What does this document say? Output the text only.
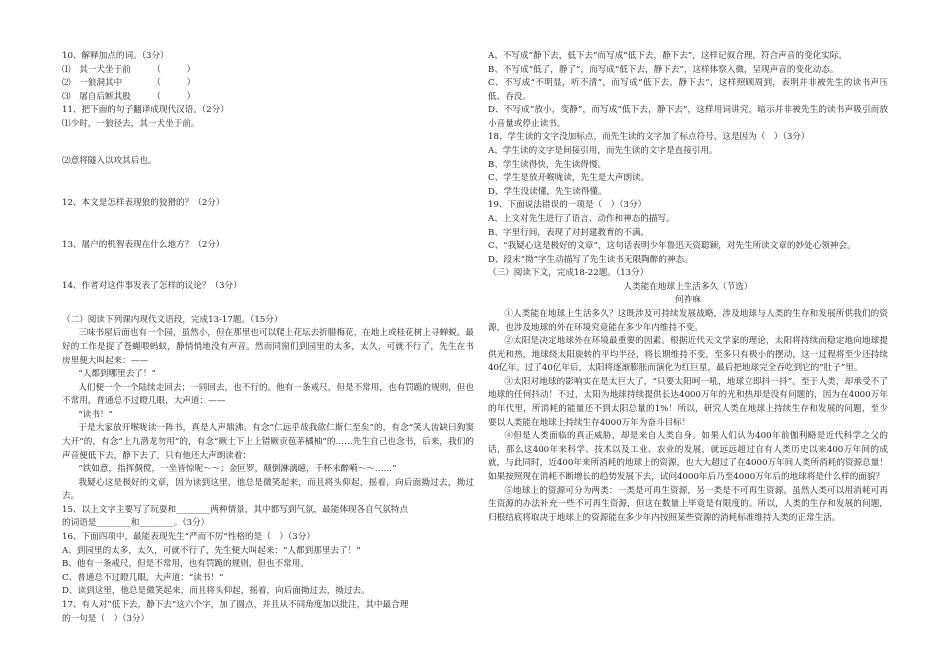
10、解释加点的词。（3分）
⑴　其一犬坐于前　　　（　　　）
⑵　一狼洞其中　　　　（　　　）
⑶　屠自后断其股　　　（　　　）
11、把下面的句子翻译成现代汉语。（2分）
⑴少时，一狼径去，其一犬坐于前。
⑵意将隧入以攻其后也。
12、本文是怎样表现狼的狡猾的？（2分）
13、屠户的机智表现在什么地方？（2分）
14、作者对这件事发表了怎样的议论？（3分）
（二）阅读下列课内现代文语段，完成13-17题。（15分）
三味书屋后面也有一个园，虽然小，但在那里也可以爬上花坛去折腊梅花，在地上或桂花树上寻蝉蜕。最好的工作是捉了苍蝇喂蚂蚁，静悄悄地没有声音。然而同窗们到园里的太多，太久，可就不行了，先生在书房里便大叫起来：——
“人都到哪里去了！”
人们便一个一个陆续走回去；一同回去，也不行的。他有一条戒尺，但是不常用，也有罚跪的规则，但也不常用，普通总不过瞪几眼，大声道：——
“读书！”
于是大家放开喉咙读一阵书，真是人声鼎沸。有念“仁远乎哉我欲仁斯仁至矣”的，有念“笑人齿缺曰狗窦大开”的，有念“上九潜龙勿用”的，有念“厥土下上上错厥贡苞茅橘柚”的……先生自己也念书，后来，我们的声音便低下去，静下去了，只有他还大声朗读着：
“铁如意，指挥倜傥，一坐皆惊呢～～；金叵罗，颠倒淋漓噫，千杯未醉嗬～～……”
我疑心这是极好的文章，因为读到这里，他总是微笑起来，而且将头仰起，摇着，向后面拗过去，拗过去。
15、以上文字主要写了玩耍和________两种情景，其中都写到气氛，最能体现各自气氛特点
的词语是________和________。（3分）
16、下面四项中，最能表现先生“严而不厉”性格的是（　）（3分）
A、到园里的太多，太久，可就不行了，先生便大叫起来：“人都到那里去了！”
B、他有一条戒尺，但是不常用，也有罚跪的规则，但也不常用。
C、普通总不过瞪几眼，大声道：“读书！”
D、读到这里，他总是微笑起来，而且将头仰起，摇着，向后面拗过去，拗过去。
17、有人对“低下去，静下去”这六个字，加了圆点，并且从不同角度加以批注，其中最合理
的一句是（　）（3分）
A、不写成“静下去，低下去”而写成“低下去，静下去”，这样记叙合理，符合声音的变化实际。
B、不写成“低了，静了”，而写成“低下去，静下去”，这样体察入微，呈现声音的变化动态。
C、不写成“不明显，听不清”，而写成“低下去，静下去”，这样照顾周到，表明并非被先生的读书声压低、吞没。
D、不写成“放小，变静”，而写成“低下去，静下去”，这样用词讲究，暗示并非被先生的读书声吸引而放小音量或停止读书。
18、学生读的文字没加标点，而先生读的文字加了标点符号，这是因为（　）（3分）
A、学生读的文字是间接引用，而先生读的文字是直接引用。
B、学生读得快，先生读得慢。
C、学生是放开喉咙读，先生是大声朗读。
D、学生没读懂，先生读得懂。
19、下面说法错误的一项是（　）（3分）
A、上文对先生进行了语言、动作和神态的描写。
B、字里行间，表现了对封建教育的不满。
C、“我疑心这是极好的文章”，这句话表明少年鲁迅天资聪颖，对先生所读文章的妙处心领神会。
D、段末“拗”字生动描写了先生读书无限陶醉的神态。
（三）阅读下文，完成18-22题。（13分）
人类能在地球上生活多久（节选）
何祚庥
①人类能在地球上生活多久？这既涉及可持续发展战略，涉及地球与人类的生存和发展所供我们的资源，也涉及地球的外在环境究竟能在多少年内维持不变。
②太阳是决定地球外在环境最重要的因素。根据近代天文学家的理论，太阳将持续而稳定地向地球提供光和热，地球绕太阳旋转的平均半径，将长期维持不变，至多只有极小的摆动，这一过程将至少还持续40亿年。过了40亿年后，太阳将逐渐膨胀而演化为红巨星，最后把地球完全吞吃到它的“肚子”里。
③太阳对地球的影响实在是太巨大了，“只要太阳呵一吼，地球立即抖一抖”。至于人类，却承受不了地球的任何抖动！不过，太阳为地球持续提供长达4000万年的光和热却是没有问题的，因为在4000万年的年代里，所消耗的能量还不到太阳总量的1%！所以，研究人类在地球上持续生存和发展的问题，至少要以人类能在地球上持续生存4000万年为奋斗目标！
④但是人类面临的真正威胁，却是来自人类自身。如果人们认为400年前伽利略是近代科学之父的话，那么这400年来科学、技术以及工业、农业的发展，就远远超过自有人类历史以来400万年间的成就，与此同时，近400年来所消耗的地球上的资源，也大大超过了在4000万年间人类所消耗的资源总量！如果按照现在消耗不断增长的趋势发展下去，试问4000年后乃至4000万年后的地球将是什么样的面貌？
⑤地球上的资源可分为两类：一类是可再生资源，另一类是不可再生资源。虽然人类可以用消耗可再生资源的办法补充一些不可再生资源，但这在数量上毕竟是有限度的。所以，人类的生存和发展的问题，归根结底将取决于地球上的资源能在多少年内按照某些资源的消耗标准维持人类的正常生活。
